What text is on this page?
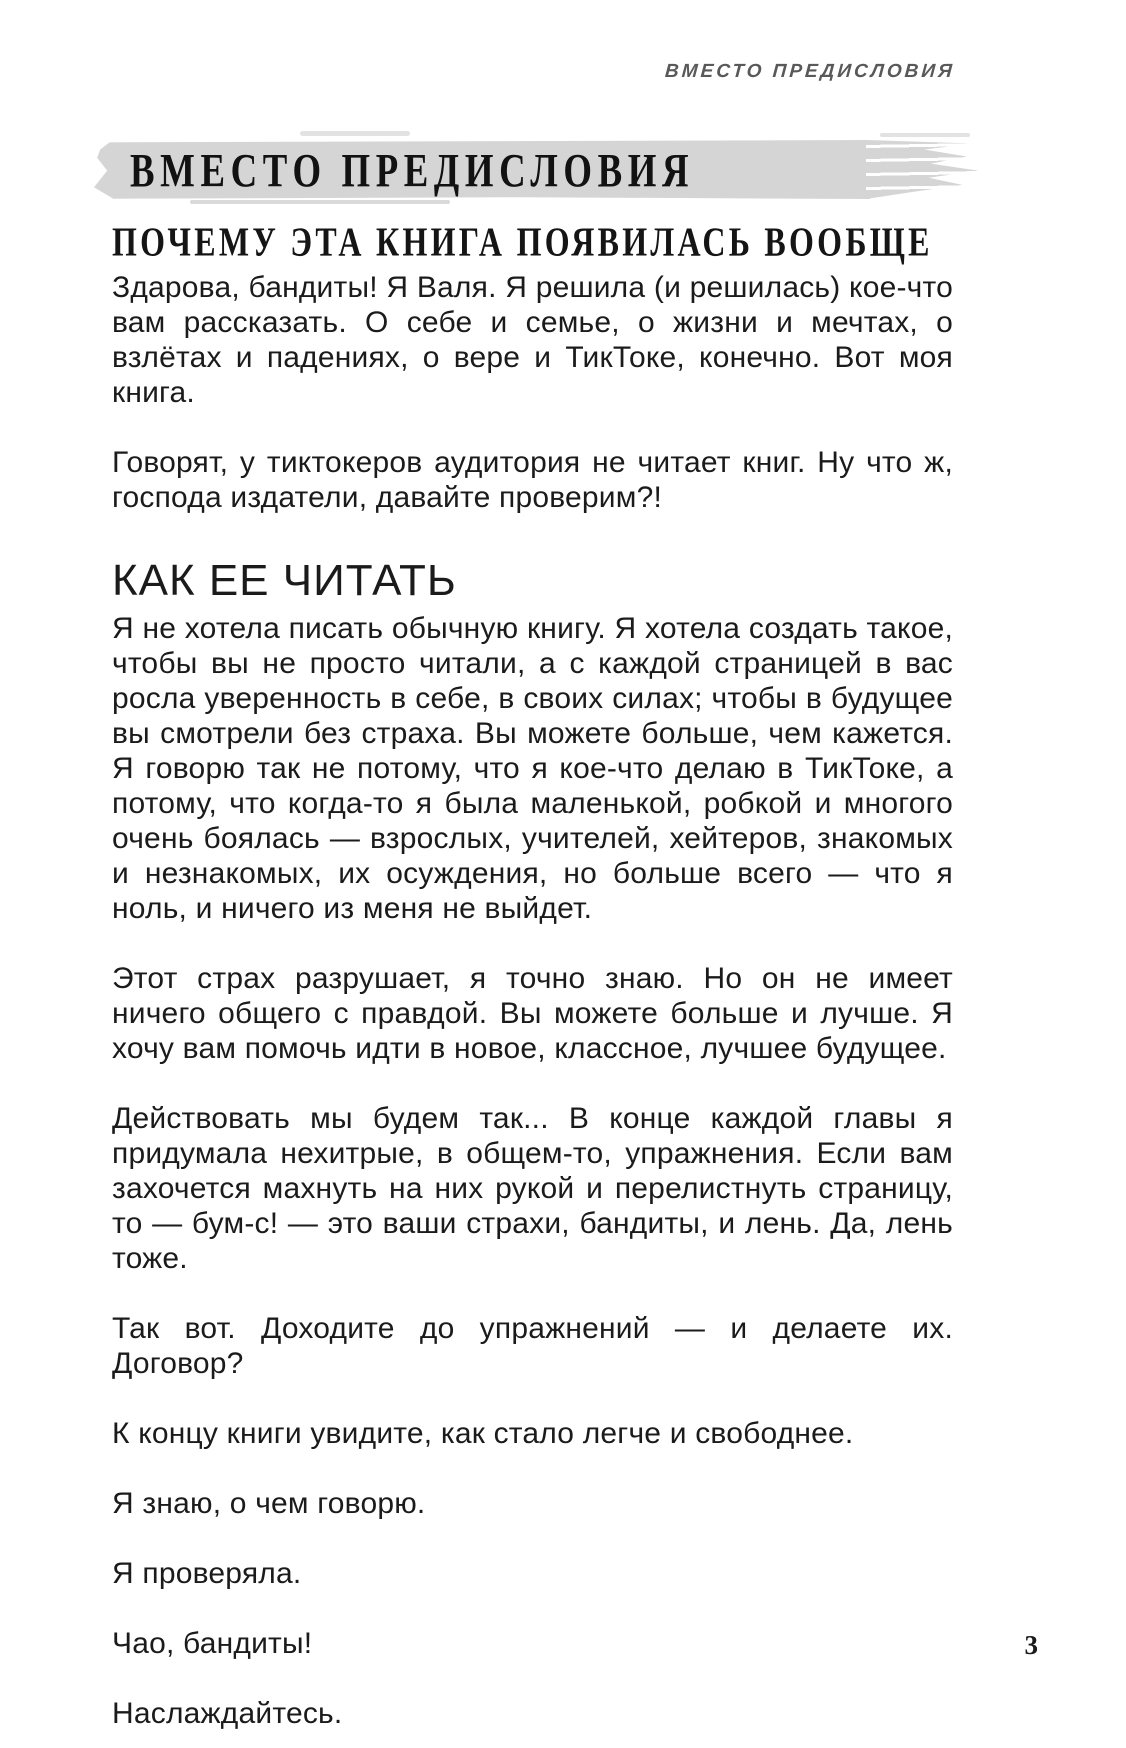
ВМЕСТО ПРЕДИСЛОВИЯ
ВМЕСТО ПРЕДИСЛОВИЯ
ПОЧЕМУ ЭТА КНИГА ПОЯВИЛАСЬ ВООБЩЕ

Здарова, бандиты! Я Валя. Я решила (и решилась) кое-что вам рассказать. О себе и семье, о жизни и мечтах, о взлётах и падениях, о вере и ТикТоке, конечно. Вот моя книга.

Говорят, у тиктокеров аудитория не читает книг. Ну что ж, господа издатели, давайте проверим?!

КАК ЕЕ ЧИТАТЬ

Я не хотела писать обычную книгу. Я хотела создать такое, чтобы вы не просто читали, а с каждой страницей в вас росла уверенность в себе, в своих силах; чтобы в будущее вы смотрели без страха. Вы можете больше, чем кажется. Я говорю так не потому, что я кое-что делаю в ТикТоке, а потому, что когда-то я была маленькой, робкой и многого очень боялась — взрослых, учителей, хейтеров, знакомых и незнакомых, их осуждения, но больше всего — что я ноль, и ничего из меня не выйдет.

Этот страх разрушает, я точно знаю. Но он не имеет ничего общего с правдой. Вы можете больше и лучше. Я хочу вам помочь идти в новое, классное, лучшее будущее.

Действовать мы будем так... В конце каждой главы я придумала нехитрые, в общем-то, упражнения. Если вам захочется махнуть на них рукой и перелистнуть страницу, то — бум-с! — это ваши страхи, бандиты, и лень. Да, лень тоже.

Так вот. Доходите до упражнений — и делаете их. Договор?

К концу книги увидите, как стало легче и свободнее.

Я знаю, о чем говорю.

Я проверяла.

Чао, бандиты!

Наслаждайтесь.

3
